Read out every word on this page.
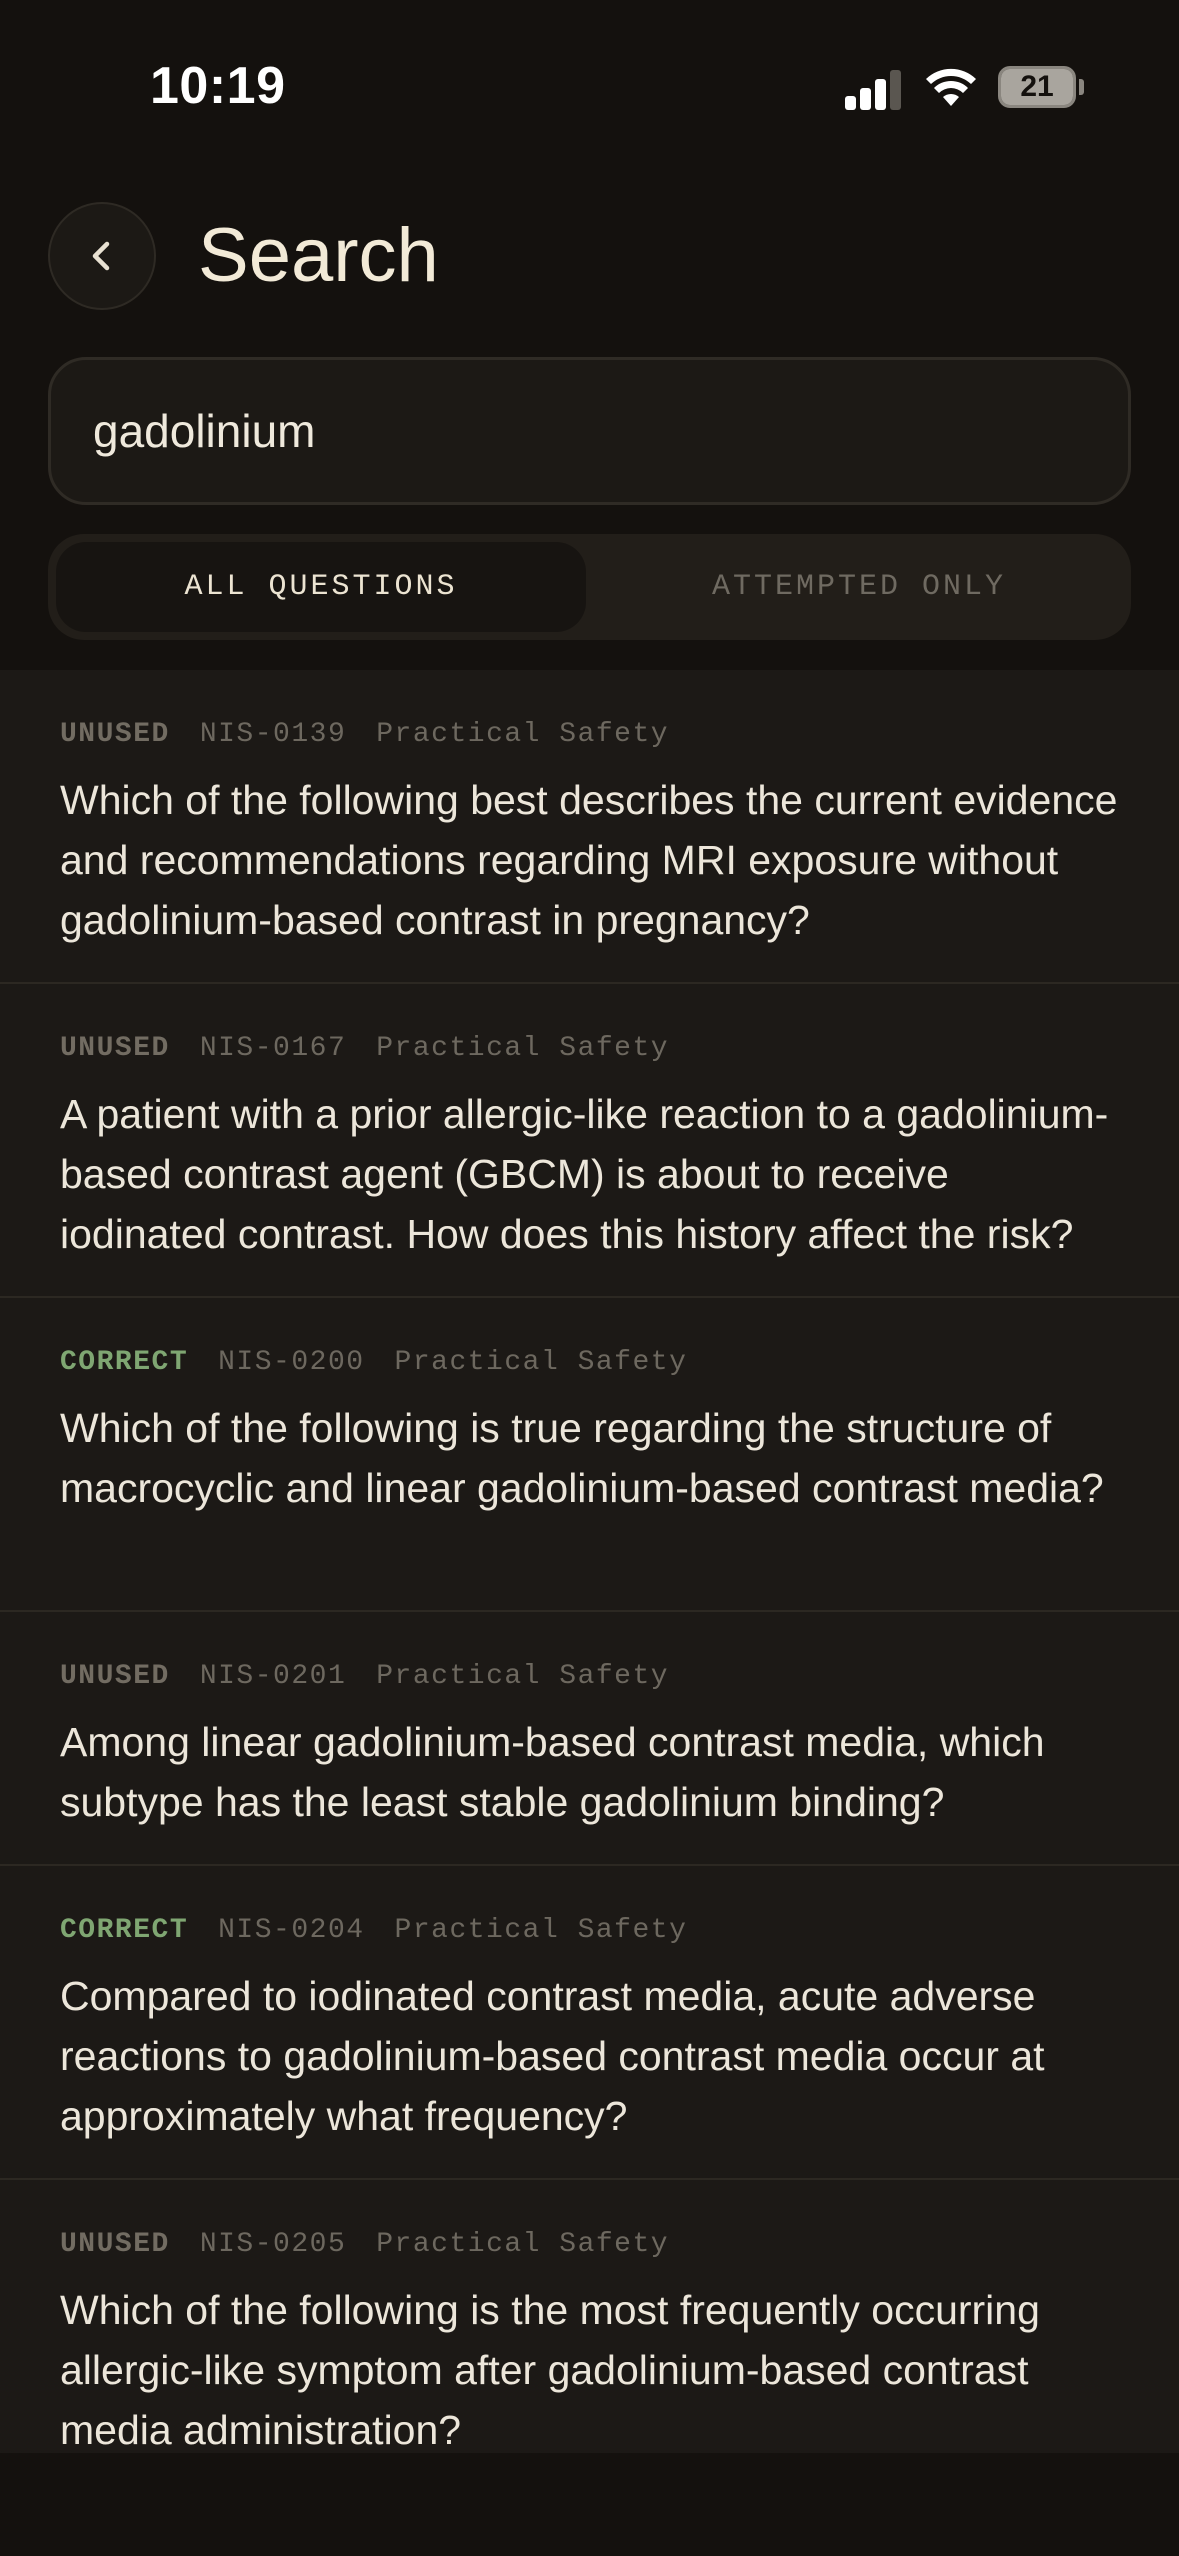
10:19	21
Search
gadolinium
ALL QUESTIONS	ATTEMPTED ONLY
UNUSED NIS-0139 Practical Safety
Which of the following best describes the current evidence and recommendations regarding MRI exposure without gadolinium-based contrast in pregnancy?
UNUSED NIS-0167 Practical Safety
A patient with a prior allergic-like reaction to a gadolinium-based contrast agent (GBCM) is about to receive iodinated contrast. How does this history affect the risk?
CORRECT NIS-0200 Practical Safety
Which of the following is true regarding the structure of macrocyclic and linear gadolinium-based contrast media?
UNUSED NIS-0201 Practical Safety
Among linear gadolinium-based contrast media, which subtype has the least stable gadolinium binding?
CORRECT NIS-0204 Practical Safety
Compared to iodinated contrast media, acute adverse reactions to gadolinium-based contrast media occur at approximately what frequency?
UNUSED NIS-0205 Practical Safety
Which of the following is the most frequently occurring allergic-like symptom after gadolinium-based contrast media administration?
